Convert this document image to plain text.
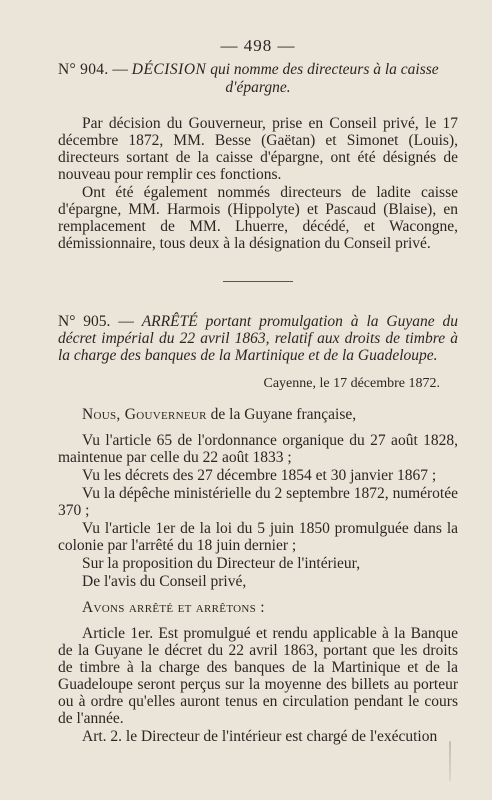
— 498 —

N° 904. — DÉCISION qui nomme des directeurs à la caisse

d'épargne.

Par décision du Gouverneur, prise en Conseil privé, le 17 décembre 1872, MM. Besse (Gaëtan) et Simonet (Louis), directeurs sortant de la caisse d'épargne, ont été désignés de nouveau pour remplir ces fonctions.

Ont été également nommés directeurs de ladite caisse d'épargne, MM. Harmois (Hippolyte) et Pascaud (Blaise), en remplacement de MM. Lhuerre, décédé, et Wacongne, démissionnaire, tous deux à la désignation du Conseil privé.

N° 905. — ARRÊTÉ portant promulgation à la Guyane du décret impérial du 22 avril 1863, relatif aux droits de timbre à la charge des banques de la Martinique et de la Guadeloupe.

Cayenne, le 17 décembre 1872.

Nous, Gouverneur de la Guyane française,

Vu l'article 65 de l'ordonnance organique du 27 août 1828, maintenue par celle du 22 août 1833 ;

Vu les décrets des 27 décembre 1854 et 30 janvier 1867 ;

Vu la dépêche ministérielle du 2 septembre 1872, numérotée 370 ;

Vu l'article 1er de la loi du 5 juin 1850 promulguée dans la colonie par l'arrêté du 18 juin dernier ;

Sur la proposition du Directeur de l'intérieur,

De l'avis du Conseil privé,

Avons arrêté et arrêtons :

Article 1er. Est promulgué et rendu applicable à la Banque de la Guyane le décret du 22 avril 1863, portant que les droits de timbre à la charge des banques de la Martinique et de la Guadeloupe seront perçus sur la moyenne des billets au porteur ou à ordre qu'elles auront tenus en circulation pendant le cours de l'année.

Art. 2. le Directeur de l'intérieur est chargé de l'exécution
